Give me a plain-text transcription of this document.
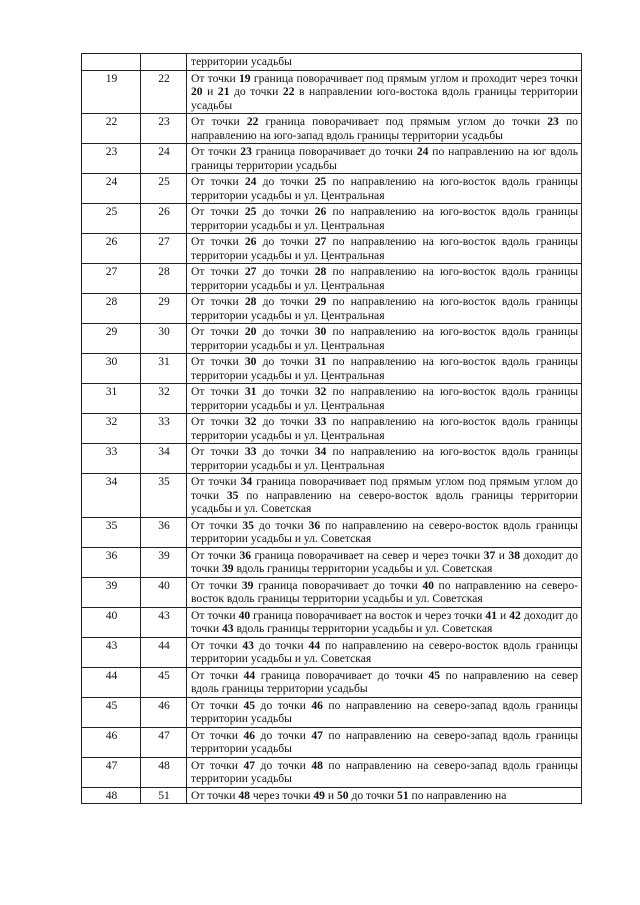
		территории усадьбы
19	22	От точки 19 граница поворачивает под прямым углом и проходит через точки 20 и 21 до точки 22 в направлении юго-востока вдоль границы территории усадьбы
22	23	От точки 22 граница поворачивает под прямым углом до точки 23 по направлению на юго-запад вдоль границы территории усадьбы
23	24	От точки 23 граница поворачивает до точки 24 по направлению на юг вдоль границы территории усадьбы
24	25	От точки 24 до точки 25 по направлению на юго-восток вдоль границы территории усадьбы и ул. Центральная
25	26	От точки 25 до точки 26 по направлению на юго-восток вдоль границы территории усадьбы и ул. Центральная
26	27	От точки 26 до точки 27 по направлению на юго-восток вдоль границы территории усадьбы и ул. Центральная
27	28	От точки 27 до точки 28 по направлению на юго-восток вдоль границы территории усадьбы и ул. Центральная
28	29	От точки 28 до точки 29 по направлению на юго-восток вдоль границы территории усадьбы и ул. Центральная
29	30	От точки 20 до точки 30 по направлению на юго-восток вдоль границы территории усадьбы и ул. Центральная
30	31	От точки 30 до точки 31 по направлению на юго-восток вдоль границы территории усадьбы и ул. Центральная
31	32	От точки 31 до точки 32 по направлению на юго-восток вдоль границы территории усадьбы и ул. Центральная
32	33	От точки 32 до точки 33 по направлению на юго-восток вдоль границы территории усадьбы и ул. Центральная
33	34	От точки 33 до точки 34 по направлению на юго-восток вдоль границы территории усадьбы и ул. Центральная
34	35	От точки 34 граница поворачивает под прямым углом под прямым углом до точки 35 по направлению на северо-восток вдоль границы территории усадьбы и ул. Советская
35	36	От точки 35 до точки 36 по направлению на северо-восток вдоль границы территории усадьбы и ул. Советская
36	39	От точки 36 граница поворачивает на север и через точки 37 и 38 доходит до точки 39 вдоль границы территории усадьбы и ул. Советская
39	40	От точки 39 граница поворачивает до точки 40 по направлению на северо-восток вдоль границы территории усадьбы и ул. Советская
40	43	От точки 40 граница поворачивает на восток и через точки 41 и 42 доходит до точки 43 вдоль границы территории усадьбы и ул. Советская
43	44	От точки 43 до точки 44 по направлению на северо-восток вдоль границы территории усадьбы и ул. Советская
44	45	От точки 44 граница поворачивает до точки 45 по направлению на север вдоль границы территории усадьбы
45	46	От точки 45 до точки 46 по направлению на северо-запад вдоль границы территории усадьбы
46	47	От точки 46 до точки 47 по направлению на северо-запад вдоль границы территории усадьбы
47	48	От точки 47 до точки 48 по направлению на северо-запад вдоль границы территории усадьбы
48	51	От точки 48 через точки 49 и 50 до точки 51 по направлению на
